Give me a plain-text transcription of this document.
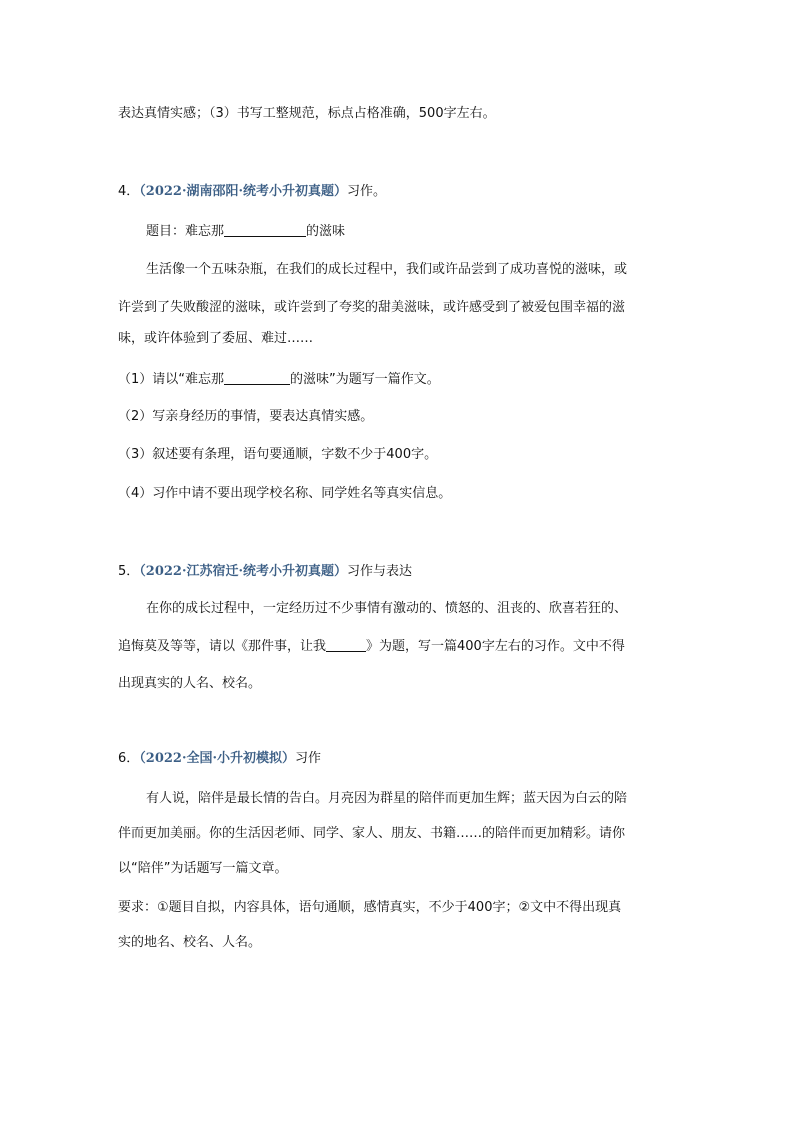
表达真情实感；（3）书写工整规范，标点占格准确，500字左右。
4．（2022·湖南邵阳·统考小升初真题）习作。
题目：难忘那	的滋味
生活像一个五味杂瓶，在我们的成长过程中，我们或许品尝到了成功喜悦的滋味，或
许尝到了失败酸涩的滋味，或许尝到了夸奖的甜美滋味，或许感受到了被爱包围幸福的滋
味，或许体验到了委屈、难过……
（1）请以“难忘那	的滋味”为题写一篇作文。
（2）写亲身经历的事情，要表达真情实感。
（3）叙述要有条理，语句要通顺，字数不少于400字。
（4）习作中请不要出现学校名称、同学姓名等真实信息。
5．（2022·江苏宿迁·统考小升初真题）习作与表达
在你的成长过程中，一定经历过不少事情有激动的、愤怒的、沮丧的、欣喜若狂的、
追悔莫及等等，请以《那件事，让我	》为题，写一篇400字左右的习作。文中不得
出现真实的人名、校名。
6．（2022·全国·小升初模拟）习作
有人说，陪伴是最长情的告白。月亮因为群星的陪伴而更加生辉；蓝天因为白云的陪
伴而更加美丽。你的生活因老师、同学、家人、朋友、书籍……的陪伴而更加精彩。请你
以“陪伴”为话题写一篇文章。
要求：①题目自拟，内容具体，语句通顺，感情真实，不少于400字；②文中不得出现真
实的地名、校名、人名。
